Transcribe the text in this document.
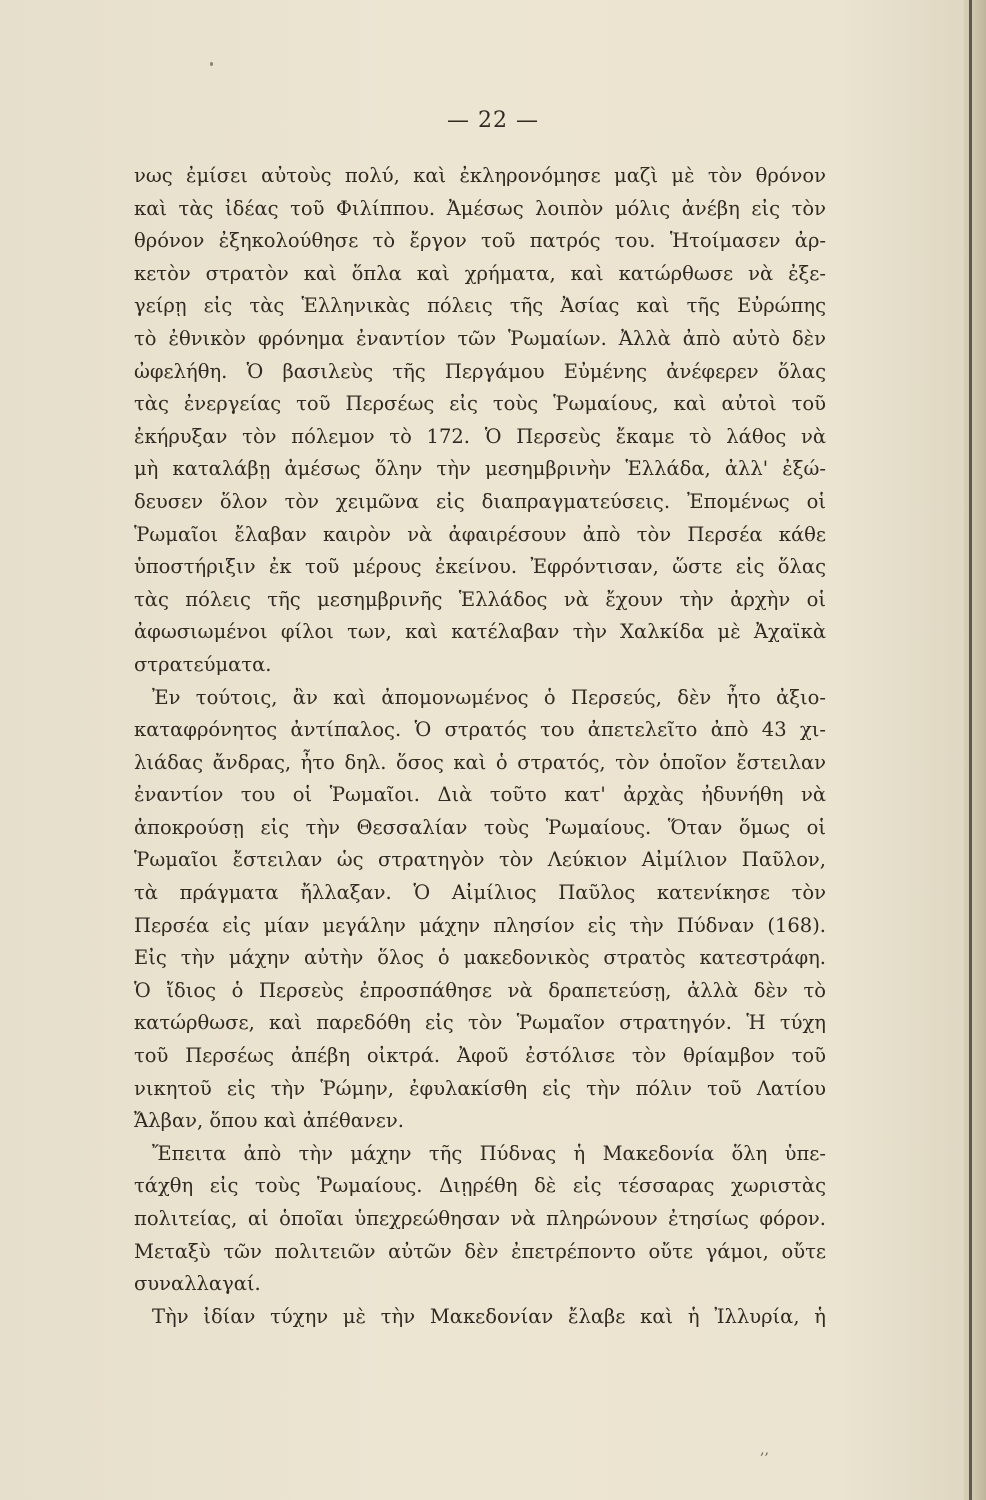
— 22 —
νως ἐμίσει αὐτοὺς πολύ, καὶ ἐκληρονόμησε μαζὶ μὲ τὸν θρόνον
καὶ τὰς ἰδέας τοῦ Φιλίππου. Ἀμέσως λοιπὸν μόλις ἀνέβη εἰς τὸν
θρόνον ἐξηκολούθησε τὸ ἔργον τοῦ πατρός του. Ἡτοίμασεν ἀρ-
κετὸν στρατὸν καὶ ὅπλα καὶ χρήματα, καὶ κατώρθωσε νὰ ἐξε-
γείρῃ εἰς τὰς Ἑλληνικὰς πόλεις τῆς Ἀσίας καὶ τῆς Εὐρώπης
τὸ ἐθνικὸν φρόνημα ἐναντίον τῶν Ῥωμαίων. Ἀλλὰ ἀπὸ αὐτὸ δὲν
ὠφελήθη. Ὁ βασιλεὺς τῆς Περγάμου Εὐμένης ἀνέφερεν ὅλας
τὰς ἐνεργείας τοῦ Περσέως εἰς τοὺς Ῥωμαίους, καὶ αὐτοὶ τοῦ
ἐκήρυξαν τὸν πόλεμον τὸ 172. Ὁ Περσεὺς ἔκαμε τὸ λάθος νὰ
μὴ καταλάβῃ ἀμέσως ὅλην τὴν μεσημβρινὴν Ἑλλάδα, ἀλλ' ἐξώ-
δευσεν ὅλον τὸν χειμῶνα εἰς διαπραγματεύσεις. Ἐπομένως οἱ
Ῥωμαῖοι ἔλαβαν καιρὸν νὰ ἀφαιρέσουν ἀπὸ τὸν Περσέα κάθε
ὑποστήριξιν ἐκ τοῦ μέρους ἐκείνου. Ἐφρόντισαν, ὥστε εἰς ὅλας
τὰς πόλεις τῆς μεσημβρινῆς Ἑλλάδος νὰ ἔχουν τὴν ἀρχὴν οἱ
ἀφωσιωμένοι φίλοι των, καὶ κατέλαβαν τὴν Χαλκίδα μὲ Ἀχαϊκὰ
στρατεύματα.
Ἐν τούτοις, ἂν καὶ ἀπομονωμένος ὁ Περσεύς, δὲν ἦτο ἀξιο-
καταφρόνητος ἀντίπαλος. Ὁ στρατός του ἀπετελεῖτο ἀπὸ 43 χι-
λιάδας ἄνδρας, ἦτο δηλ. ὅσος καὶ ὁ στρατός, τὸν ὁποῖον ἔστειλαν
ἐναντίον του οἱ Ῥωμαῖοι. Διὰ τοῦτο κατ' ἀρχὰς ἠδυνήθη νὰ
ἀποκρούσῃ εἰς τὴν Θεσσαλίαν τοὺς Ῥωμαίους. Ὅταν ὅμως οἱ
Ῥωμαῖοι ἔστειλαν ὡς στρατηγὸν τὸν Λεύκιον Αἰμίλιον Παῦλον,
τὰ πράγματα ἤλλαξαν. Ὁ Αἰμίλιος Παῦλος κατενίκησε τὸν
Περσέα εἰς μίαν μεγάλην μάχην πλησίον εἰς τὴν Πύδναν (168).
Εἰς τὴν μάχην αὐτὴν ὅλος ὁ μακεδονικὸς στρατὸς κατεστράφη.
Ὁ ἴδιος ὁ Περσεὺς ἐπροσπάθησε νὰ δραπετεύσῃ, ἀλλὰ δὲν τὸ
κατώρθωσε, καὶ παρεδόθη εἰς τὸν Ῥωμαῖον στρατηγόν. Ἡ τύχη
τοῦ Περσέως ἀπέβη οἰκτρά. Ἀφοῦ ἐστόλισε τὸν θρίαμβον τοῦ
νικητοῦ εἰς τὴν Ῥώμην, ἐφυλακίσθη εἰς τὴν πόλιν τοῦ Λατίου
Ἄλβαν, ὅπου καὶ ἀπέθανεν.
Ἔπειτα ἀπὸ τὴν μάχην τῆς Πύδνας ἡ Μακεδονία ὅλη ὑπε-
τάχθη εἰς τοὺς Ῥωμαίους. Διῃρέθη δὲ εἰς τέσσαρας χωριστὰς
πολιτείας, αἱ ὁποῖαι ὑπεχρεώθησαν νὰ πληρώνουν ἐτησίως φόρον.
Μεταξὺ τῶν πολιτειῶν αὐτῶν δὲν ἐπετρέποντο οὔτε γάμοι, οὔτε
συναλλαγαί.
Τὴν ἰδίαν τύχην μὲ τὴν Μακεδονίαν ἔλαβε καὶ ἡ Ἰλλυρία, ἡ
‚‚
